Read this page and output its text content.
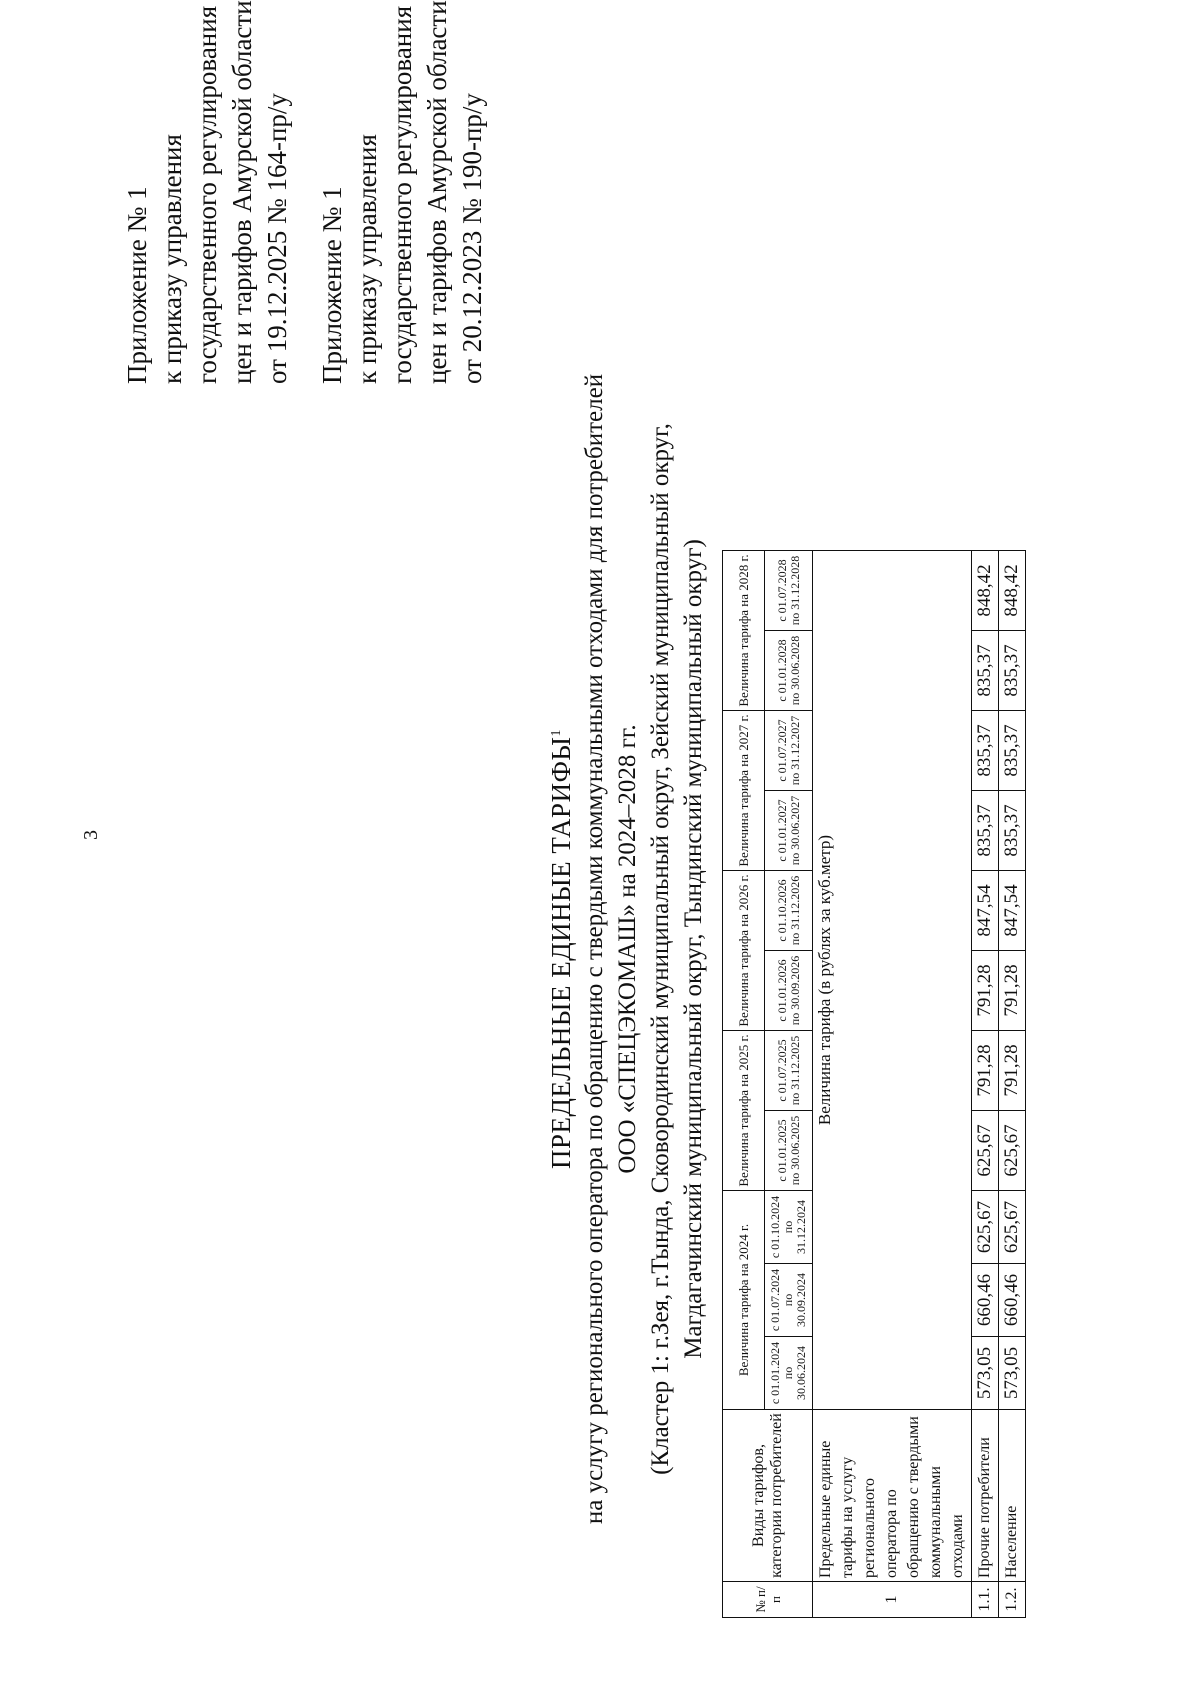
3
Приложение № 1 к приказу управления государственного регулирования цен и тарифов Амурской области от 19.12.2025 № 164-пр/у Приложение № 1 к приказу управления государственного регулирования цен и тарифов Амурской области от 20.12.2023 № 190-пр/у
ПРЕДЕЛЬНЫЕ ЕДИНЫЕ ТАРИФЫ$^1$ на услугу регионального оператора по обращению с твердыми коммунальными отходами для потребителей ООО «СПЕЦЭКОМАШ» на 2024–2028 гг. (Кластер 1: г.Зея, г.Тында, Сковородинский муниципальный округ, Зейский муниципальный округ, Магдагачинский муниципальный округ, Тындинский муниципальный округ)
№ п/п	Виды тарифов, категории потребителей	Величина тарифа на 2024 г.			Величина тарифа на 2025 г.		Величина тарифа на 2026 г.		Величина тарифа на 2027 г.		Величина тарифа на 2028 г.	
		с 01.01.2024 по 30.06.2024	с 01.07.2024 по 30.09.2024	с 01.10.2024 по 31.12.2024	с 01.01.2025 по 30.06.2025	с 01.07.2025 по 31.12.2025	с 01.01.2026 по 30.09.2026	с 01.10.2026 по 31.12.2026	с 01.01.2027 по 30.06.2027	с 01.07.2027 по 31.12.2027	с 01.01.2028 по 30.06.2028	с 01.07.2028 по 31.12.2028
1	Предельные единые тарифы на услугу регионального оператора по обращению с твердыми коммунальными отходами	Величина тарифа (в рублях за куб.метр)										
1.1.	Прочие потребители	573,05	660,46	625,67	625,67	791,28	791,28	847,54	835,37	835,37	835,37	848,42
1.2.	Население	573,05	660,46	625,67	625,67	791,28	791,28	847,54	835,37	835,37	835,37	848,42
